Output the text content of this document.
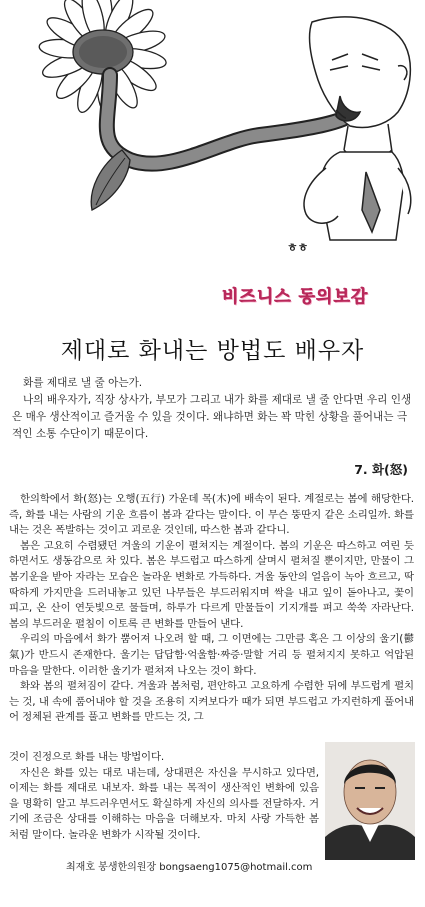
ㅎㅎ
비즈니스 동의보감
제대로 화내는 방법도 배우자

화를 제대로 낼 줄 아는가.

나의 배우자가, 직장 상사가, 부모가 그리고 내가 화를 제대로 낼 줄 안다면 우리 인생은 매우 생산적이고 즐거울 수 있을 것이다. 왜냐하면 화는 꽉 막힌 상황을 풀어내는 극적인 소통 수단이기 때문이다.

7. 화(怒)

한의학에서 화(怒)는 오행(五行) 가운데 목(木)에 배속이 된다. 계절로는 봄에 해당한다. 즉, 화를 내는 사람의 기운 흐름이 봄과 같다는 말이다. 이 무슨 뚱딴지 같은 소리일까. 화를 내는 것은 폭발하는 것이고 괴로운 것인데, 따스한 봄과 같다니.

봄은 고요히 수렴됐던 겨울의 기운이 펼쳐지는 계절이다. 봄의 기운은 따스하고 여린 듯하면서도 생동감으로 차 있다. 봄은 부드럽고 따스하게 살며시 펼쳐질 뿐이지만, 만물이 그 봄기운을 받아 자라는 모습은 놀라운 변화로 가득하다. 겨울 동안의 얼음이 녹아 흐르고, 딱딱하게 가지만을 드러내놓고 있던 나무들은 부드러워지며 싹을 내고 잎이 돋아나고, 꽃이 피고, 온 산이 연둣빛으로 물들며, 하루가 다르게 만물들이 기지개를 펴고 쑥쑥 자라난다. 봄의 부드러운 펼침이 이토록 큰 변화를 만들어 낸다.

우리의 마음에서 화가 뿜어져 나오려 할 때, 그 이면에는 그만큼 혹은 그 이상의 울기(鬱氣)가 반드시 존재한다. 울기는 답답함·억울함·짜증·말할 거리 등 펼쳐지지 못하고 억압된 마음을 말한다. 이러한 울기가 펼쳐져 나오는 것이 화다.

화와 봄의 펼쳐짐이 같다. 겨울과 봄처럼, 편안하고 고요하게 수렴한 뒤에 부드럽게 펼치는 것, 내 속에 품어내야 할 것을 조용히 지켜보다가 때가 되면 부드럽고 가지런하게 풀어내어 정체된 관계를 풀고 변화를 만드는 것, 그

것이 진정으로 화를 내는 방법이다.

자신은 화를 있는 대로 내는데, 상대편은 자신을 무시하고 있다면, 이제는 화를 제대로 내보자. 화를 내는 목적이 생산적인 변화에 있음을 명확히 알고 부드러우면서도 확실하게 자신의 의사를 전달하자. 거기에 조금은 상대를 이해하는 마음을 더해보자. 마치 사랑 가득한 봄처럼 말이다. 놀라운 변화가 시작될 것이다.

최재호 봉생한의원장 bongsaeng1075@hotmail.com
